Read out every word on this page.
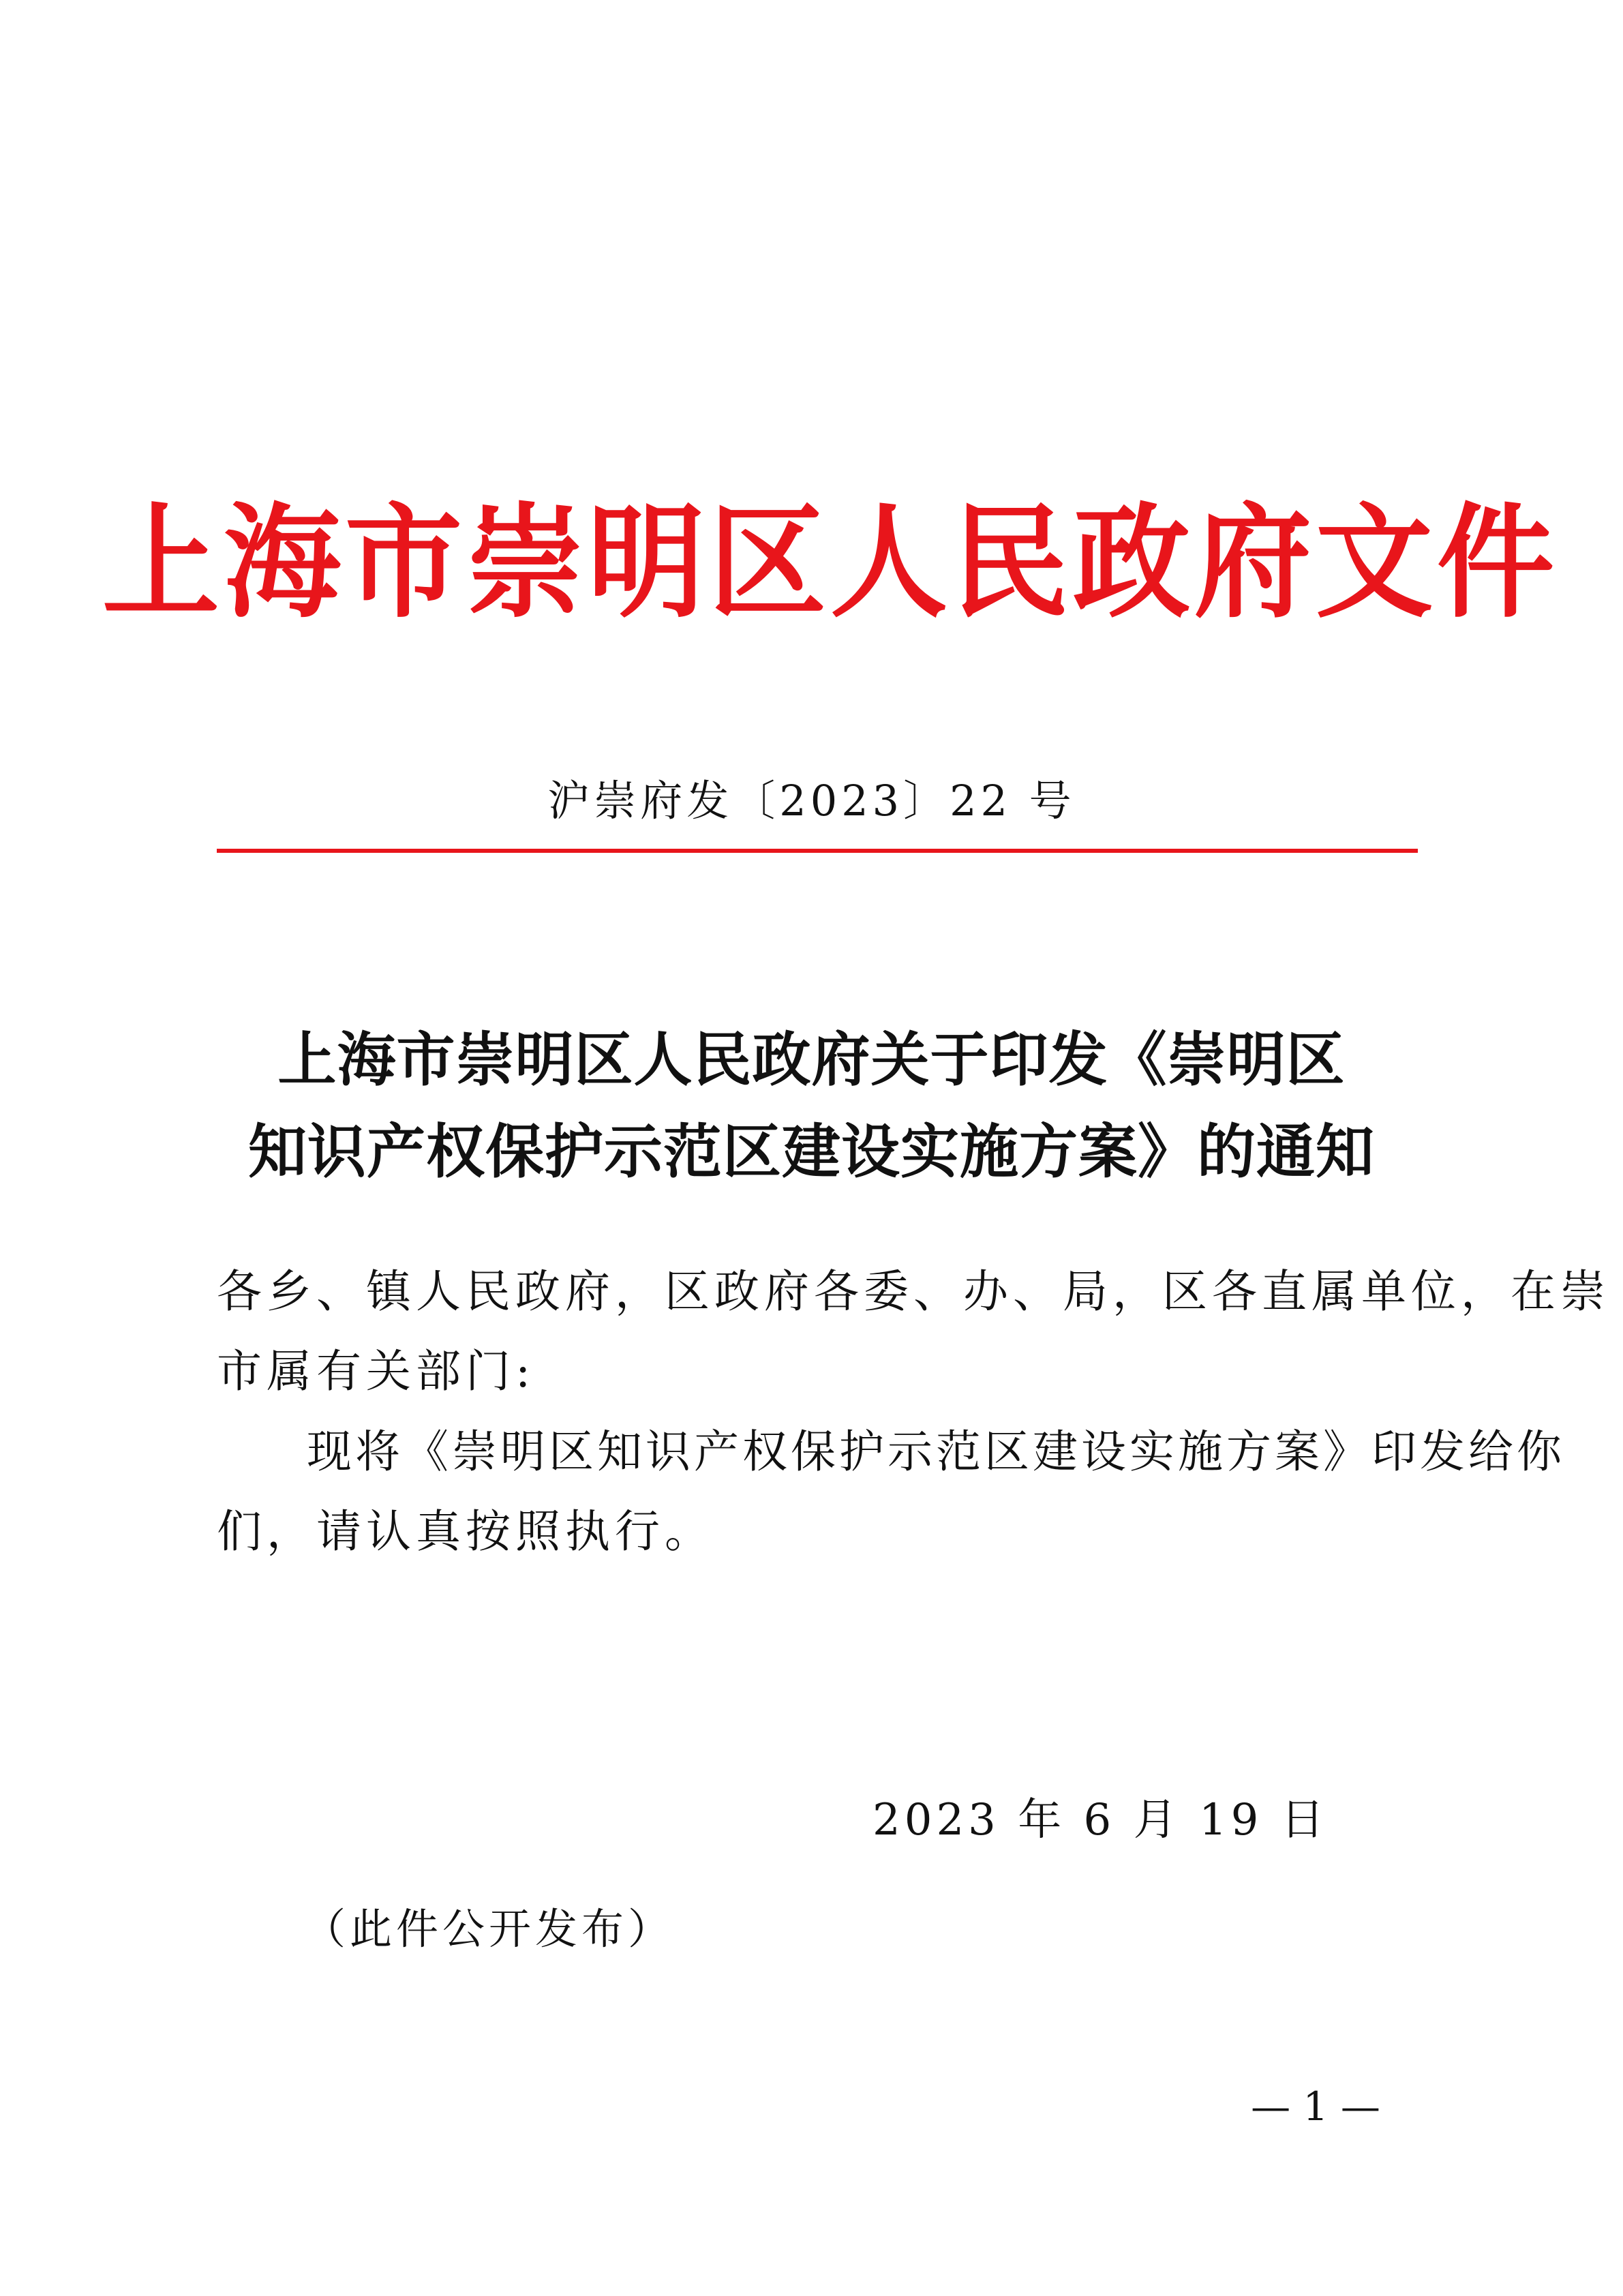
上海市崇明区人民政府文件
沪崇府发〔2023〕22 号
上海市崇明区人民政府关于印发《崇明区
知识产权保护示范区建设实施方案》的通知
各乡、镇人民政府，区政府各委、办、局，区各直属单位，在崇
市属有关部门:
现将《崇明区知识产权保护示范区建设实施方案》印发给你
们，请认真按照执行。
2023 年 6 月 19 日
（此件公开发布）
— 1 —
